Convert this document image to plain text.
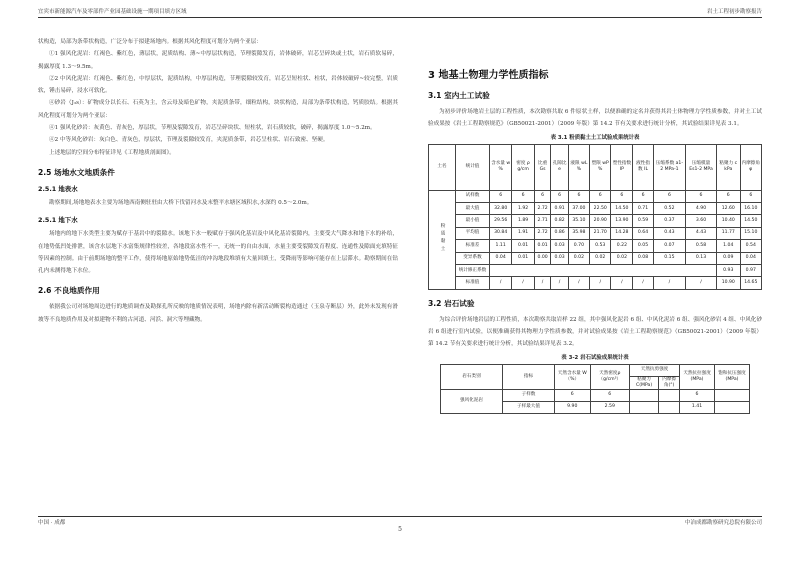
宜宾市新能源汽车及零部件产业园基础设施一期项目填方区域	岩土工程初步勘察报告

状构造，局部为条带状构造，广泛分布于拟建场地内。根据其风化程度可划分为两个亚层：

①1 强风化泥岩：红褐色、紫红色，薄层状，泥质结构、薄~中厚层状构造，节理裂隙发育，岩体破碎，岩芯呈碎块或土状，岩石质软易碎，揭露厚度 1.3～9.5m。

②2 中风化泥岩：红褐色、紫红色，中厚层状，泥质结构，中厚层构造，节理裂隙较发育，岩芯呈短柱状、柱状，岩体较破碎~较完整，岩质软，锤击易碎，浸水可软化。

④砂岩（J₃s）：矿物成分以长石、石英为主，含云母及暗色矿物，夹泥质条带，细粒结构，块状构造，局部为条带状构造，钙质胶结。根据其风化程度可划分为两个亚层：

④1 强风化砂岩：灰黄色、青灰色，厚层状，节理及裂隙发育，岩芯呈碎块状、短柱状，岩石质较软，破碎，揭露厚度 1.0～5.2m。

④2 中等风化砂岩：灰白色、青灰色，厚层状，节理及裂隙较发育，夹泥质条带，岩芯呈柱状、岩石致密、坚硬。

上述地层的空间分布特征详见《工程地质剖面图》。

2.5 场地水文地质条件
2.5.1 地表水

勘察期间,场地地表水主要为场地西南侧驻驻由大桥下伐留河水及末整平水塘区域积水,水深约 0.5～2.0m。

2.5.1 地下水

场地内的地下水类型主要为赋存于基岩中的裂隙水。该地下水一般赋存于强风化基岩及中风化基岩裂隙内，主要受大气降水和地下水的补给，在地势低凹处排泄，该含水层地下水富集规律性较差，各地段富水性不一，无统一的自由水面，水量主要受裂隙发育程度、连通性及隙面充填特征等因素的控制。由于前期场地的整平工作，使得场地原始地势低洼的冲沟地段堆填有大量回填土，受降雨等影响可能存在上层滞水。勘察期间在钻孔内未测得地下水位。

2.6 不良地质作用

依据我公司对场地周边进行的地质调查及勘探孔所反映的地质情况表明，场地内除有新活动断裂构造通过（玉泉寺断层）外，此外未发现有滑坡等不良地质作用及对拟建物不利的古河道、河浜、洞穴等埋藏物。

3 地基土物理力学性质指标
3.1 室内土工试验

为初步评价场地岩土层的工程性质，本次勘察共取 6 件原状土样，以便准确的定名并获得其岩土体物理力学性质参数，并对土工试验成果按《岩土工程勘察规范》（GB50021-2001）（2009 年版）第 14.2 节有关要求进行统计分析，其试验结果详见表 3.1。

表 3.1 粉质黏土土工试验成果统计表
土名	统计值	含水量 w %	密度 ρ g/cm	比重 Gs	孔隙比 e	液限 wL %	塑限 wP %	塑性指数 IP	液性指数 IL	压缩系数 a1-2 MPa-1	压缩模量 Es1-2 MPa	粘聚力 c kPa	内摩擦角 φ
粉质黏土	试样数	6	6	6	6	6	6	6	6	6	6	6	6
	最大值	32.80	1.92	2.72	0.91	37.00	22.50	14.50	0.71	0.52	4.90	12.60	16.10
	最小值	29.56	1.89	2.71	0.82	35.10	20.90	13.90	0.59	0.37	3.60	10.40	14.50
	平均值	30.84	1.91	2.72	0.86	35.98	21.70	14.28	0.64	0.43	4.43	11.77	15.10
	标准差	1.11	0.01	0.01	0.03	0.70	0.53	0.22	0.05	0.07	0.58	1.04	0.54
	变异系数	0.04	0.01	0.00	0.03	0.02	0.02	0.02	0.08	0.15	0.13	0.09	0.04
	统计修正系数											0.93	0.97
	标准值	/	/	/	/	/	/	/	/	/	/	10.90	14.65
3.2 岩石试验

为综合评价场地岩层的工程性质，本次勘察共取岩样 22 组，其中强风化泥岩 6 组、中风化泥岩 6 组、强风化砂岩 4 组、中风化砂岩 6 组进行室内试验，以便准确获得其物理力学性质参数，并对试验成果按《岩土工程勘察规范》（GB50021-2001）（2009 年版）第 14.2 节有关要求进行统计分析，其试验结果详见表 3.2。

表 3-2 岩石试验成果统计表
岩石类别	指标	天然含水量 W（%）	天然密度ρ（g/cm³）	天然抗剪强度		天然抗拉强度 (MPa)	饱和抗压强度 (MPa)
				粘聚力 C(MPa)	内摩擦角(°)		
强风化泥岩	子样数	6	6			6	
	子样最大值	9.90	2.59			1.41	
中国 · 成都	中冶成都勘察研究总院有限公司
5
